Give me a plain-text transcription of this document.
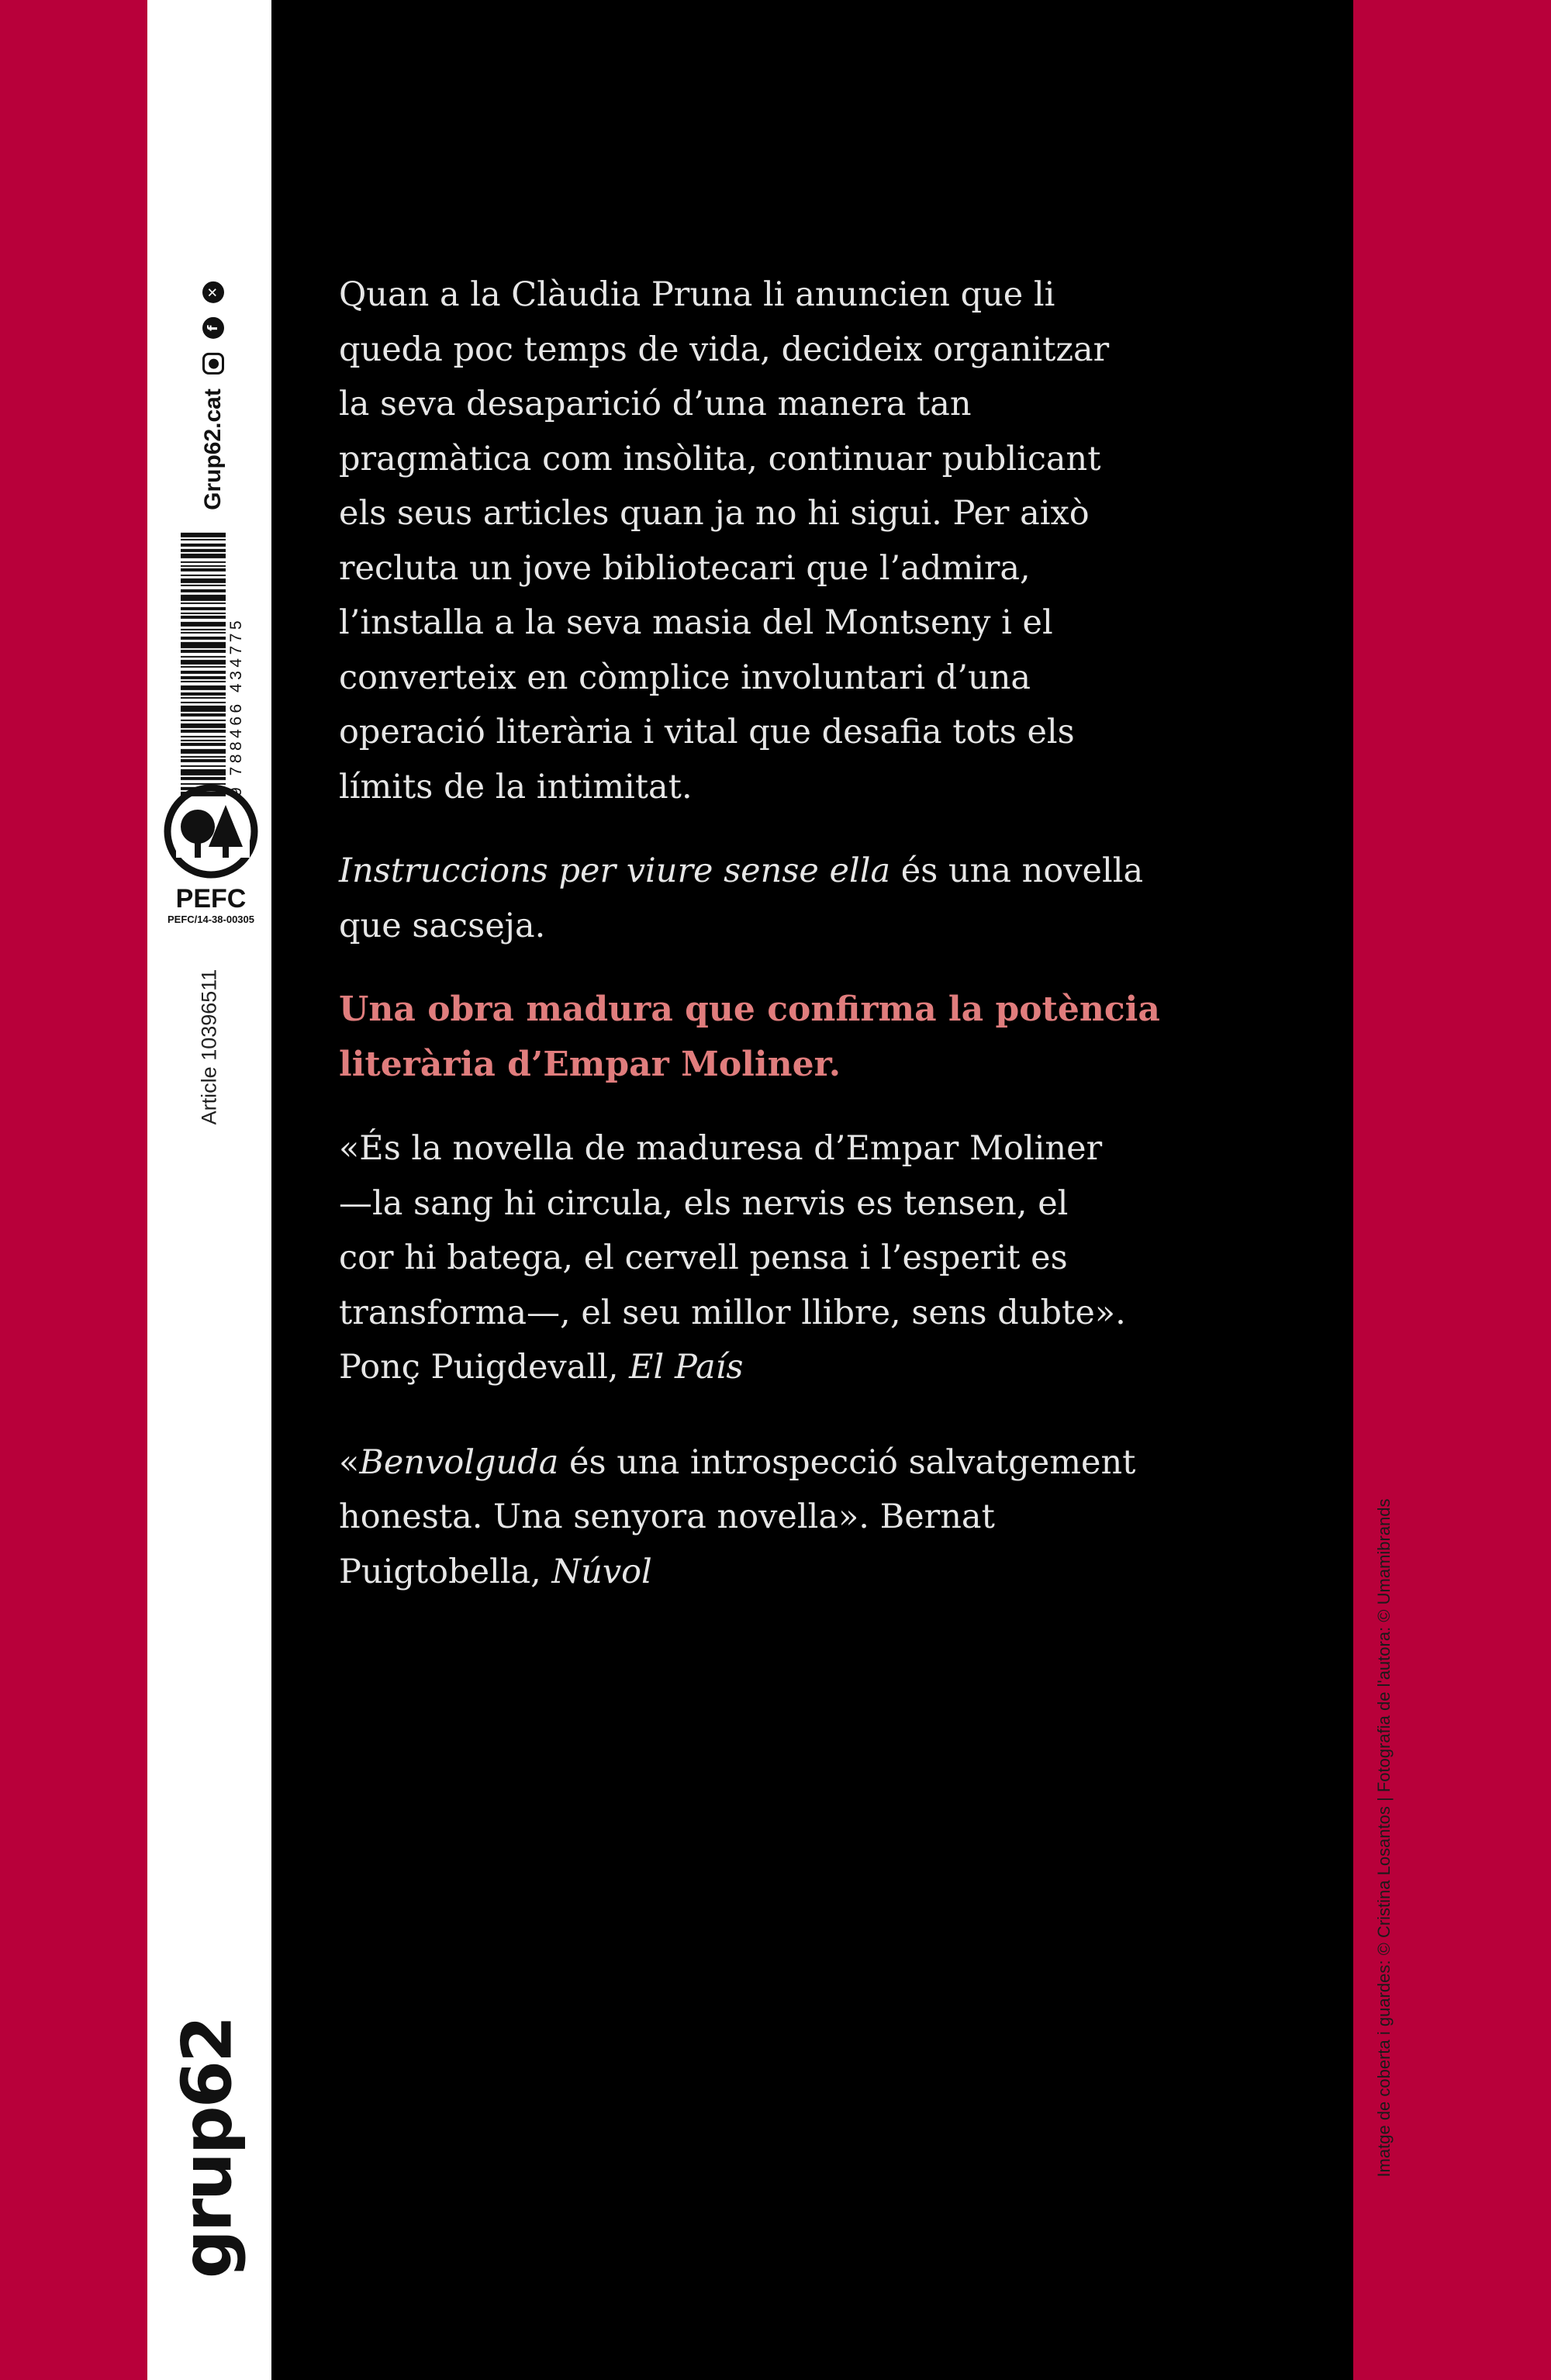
9 788466 434775
Grup62.cat
●
f
✕
PEFC
PEFC/14-38-00305
Article 10396511
grup62	Imatge de coberta i guardes: © Cristina Losantos | Fotografia de l'autora: © Umamibrands

Quan a la Clàudia Pruna li anuncien que li
queda poc temps de vida, decideix organitzar
la seva desaparició d’una manera tan
pragmàtica com insòlita, continuar publicant
els seus articles quan ja no hi sigui. Per això
recluta un jove bibliotecari que l’admira,
l’installa a la seva masia del Montseny i el
converteix en còmplice involuntari d’una
operació literària i vital que desafia tots els
límits de la intimitat.

Instruccions per viure sense ella és una novella
que sacseja.

Una obra madura que confirma la potència
literària d’Empar Moliner.

«És la novella de maduresa d’Empar Moliner
—la sang hi circula, els nervis es tensen, el
cor hi batega, el cervell pensa i l’esperit es
transforma—, el seu millor llibre, sens dubte».
Ponç Puigdevall, El País

«Benvolguda és una introspecció salvatgement
honesta. Una senyora novella». Bernat
Puigtobella, Núvol
